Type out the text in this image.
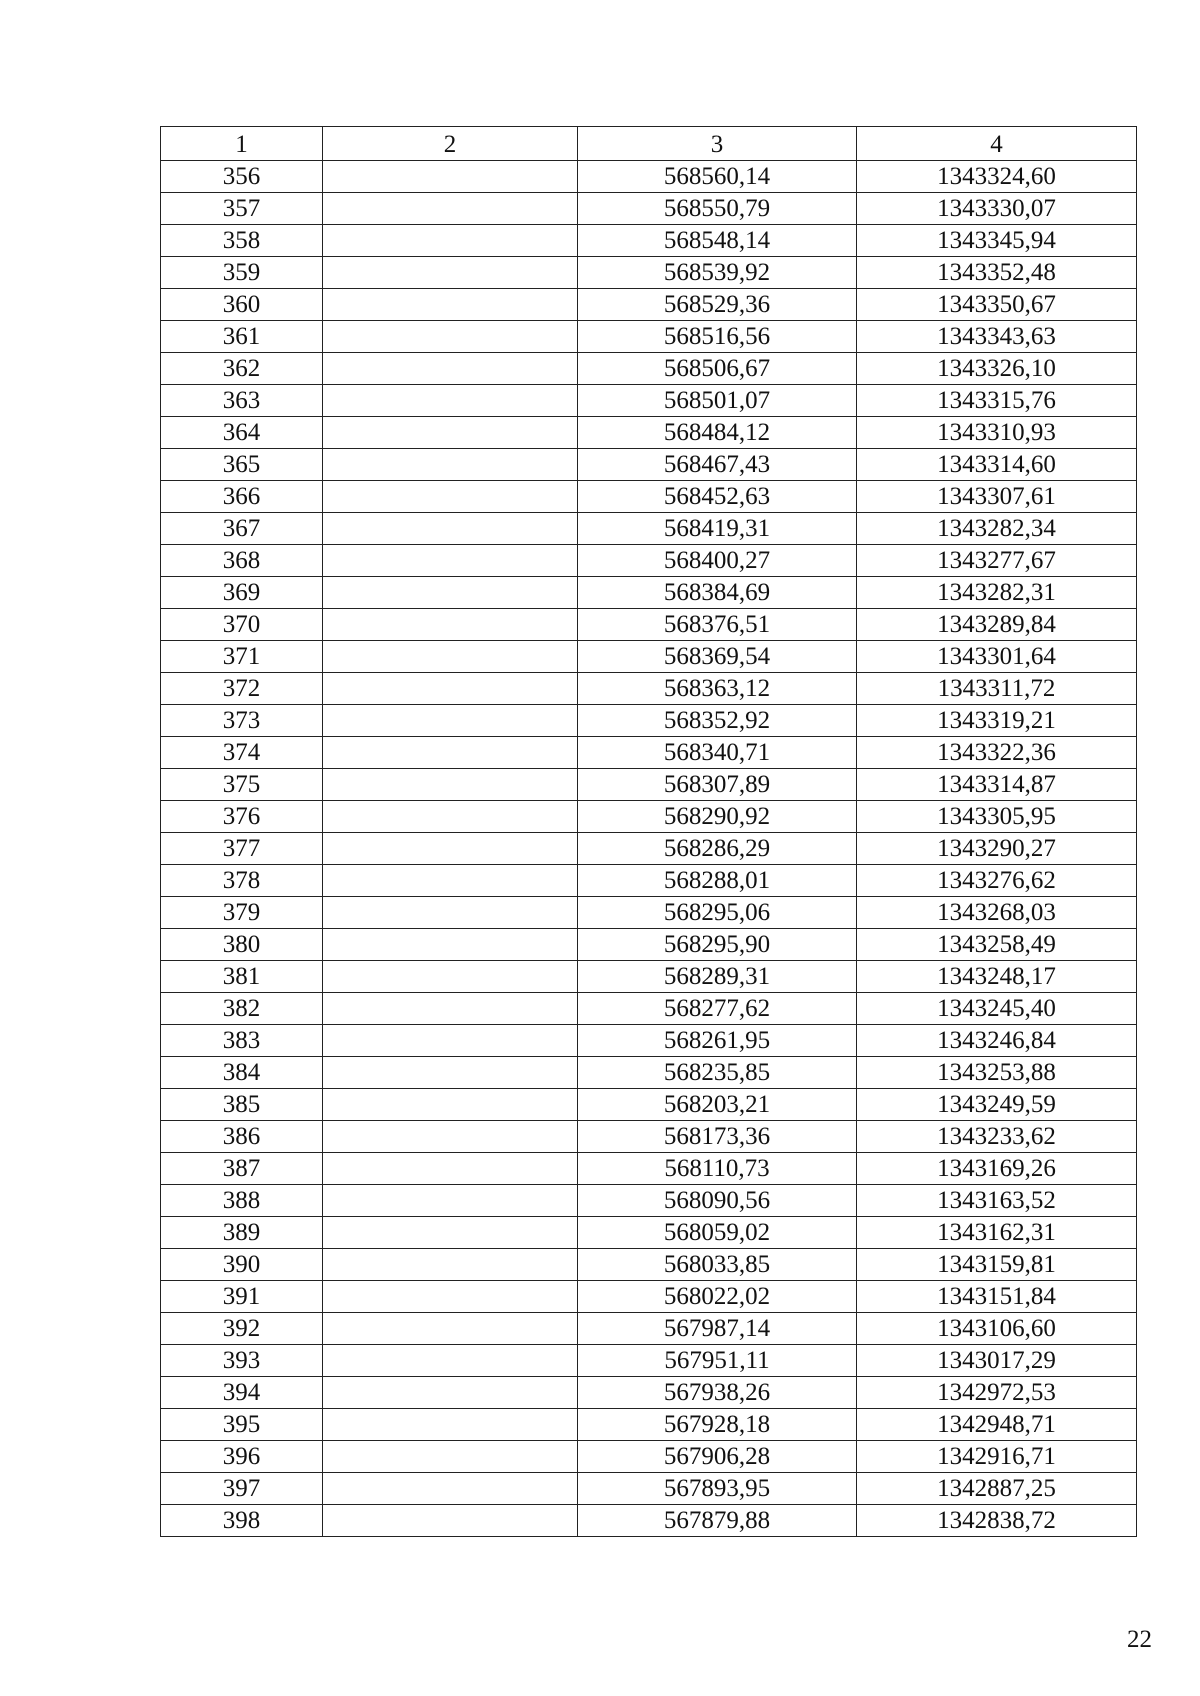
1	2	3	4
356		568560,14	1343324,60
357		568550,79	1343330,07
358		568548,14	1343345,94
359		568539,92	1343352,48
360		568529,36	1343350,67
361		568516,56	1343343,63
362		568506,67	1343326,10
363		568501,07	1343315,76
364		568484,12	1343310,93
365		568467,43	1343314,60
366		568452,63	1343307,61
367		568419,31	1343282,34
368		568400,27	1343277,67
369		568384,69	1343282,31
370		568376,51	1343289,84
371		568369,54	1343301,64
372		568363,12	1343311,72
373		568352,92	1343319,21
374		568340,71	1343322,36
375		568307,89	1343314,87
376		568290,92	1343305,95
377		568286,29	1343290,27
378		568288,01	1343276,62
379		568295,06	1343268,03
380		568295,90	1343258,49
381		568289,31	1343248,17
382		568277,62	1343245,40
383		568261,95	1343246,84
384		568235,85	1343253,88
385		568203,21	1343249,59
386		568173,36	1343233,62
387		568110,73	1343169,26
388		568090,56	1343163,52
389		568059,02	1343162,31
390		568033,85	1343159,81
391		568022,02	1343151,84
392		567987,14	1343106,60
393		567951,11	1343017,29
394		567938,26	1342972,53
395		567928,18	1342948,71
396		567906,28	1342916,71
397		567893,95	1342887,25
398		567879,88	1342838,72
22
